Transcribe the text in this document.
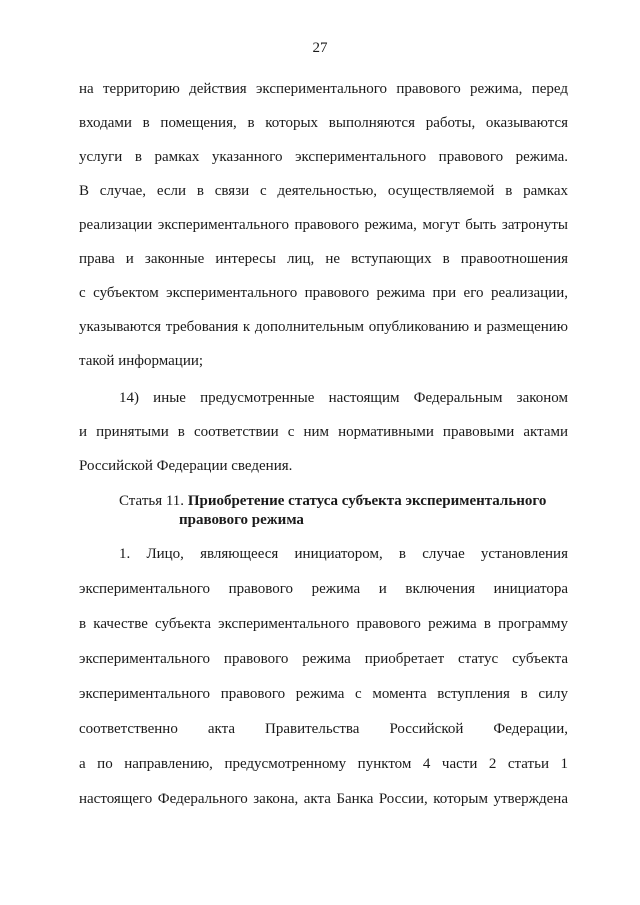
27
на территорию действия экспериментального правового режима, перед
входами в помещения, в которых выполняются работы, оказываются
услуги в рамках указанного экспериментального правового режима.
В случае, если в связи с деятельностью, осуществляемой в рамках
реализации экспериментального правового режима, могут быть затронуты
права и законные интересы лиц, не вступающих в правоотношения
с субъектом экспериментального правового режима при его реализации,
указываются требования к дополнительным опубликованию и размещению
такой информации;
14) иные предусмотренные настоящим Федеральным законом
и принятыми в соответствии с ним нормативными правовыми актами
Российской Федерации сведения.
Статья 11. Приобретение статуса субъекта экспериментального
правового режима
1. Лицо, являющееся инициатором, в случае установления
экспериментального правового режима и включения инициатора
в качестве субъекта экспериментального правового режима в программу
экспериментального правового режима приобретает статус субъекта
экспериментального правового режима с момента вступления в силу
соответственно акта Правительства Российской Федерации,
а по направлению, предусмотренному пунктом 4 части 2 статьи 1
настоящего Федерального закона, акта Банка России, которым утверждена
